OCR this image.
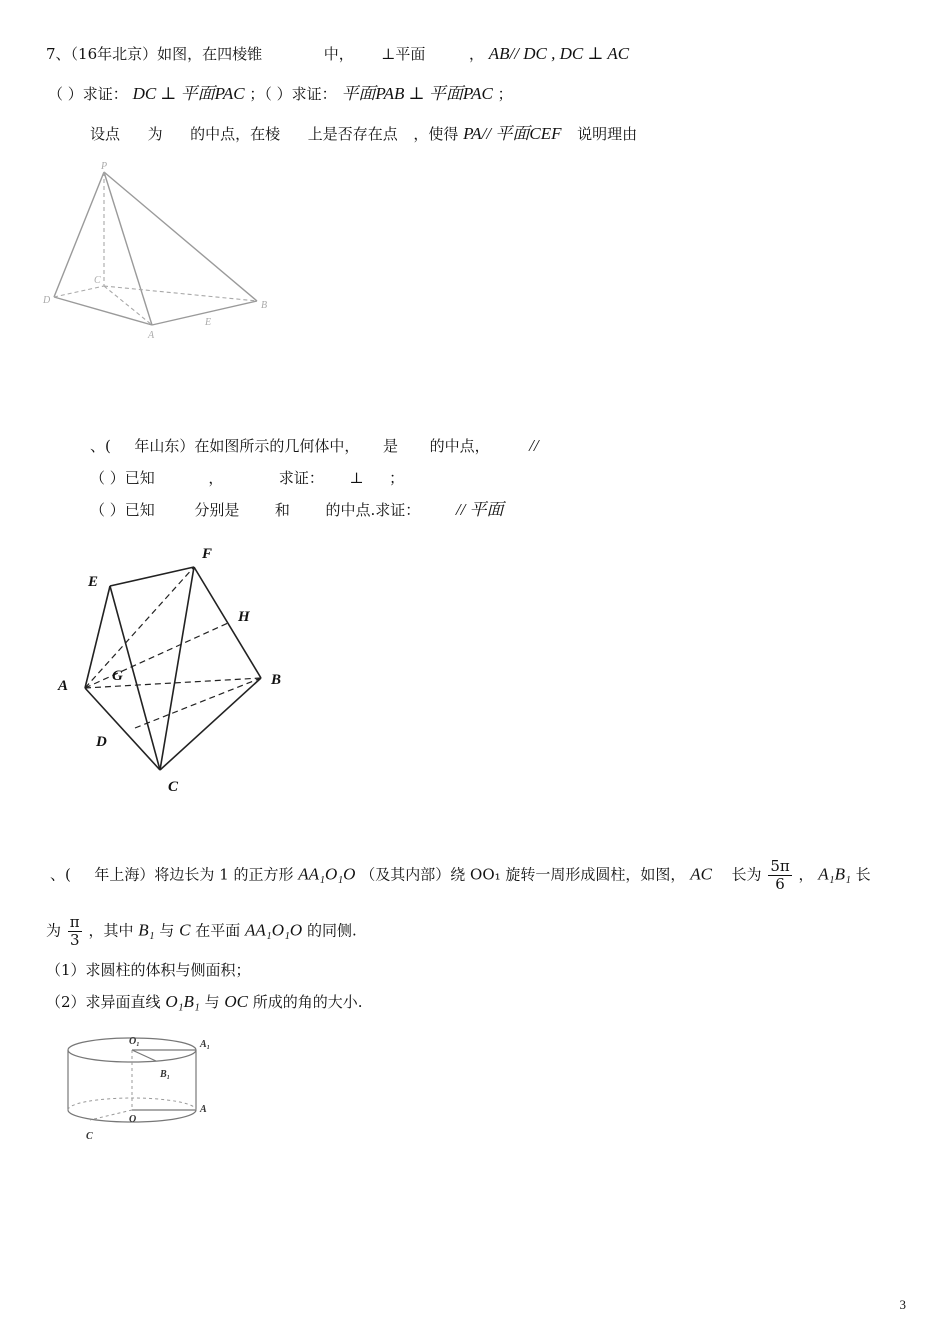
7、（16年北京）如图，在四棱锥	中， ⊥平面	， AB// DC , DC ⊥ AC
（ ）求证： DC ⊥ 平面PAC ；（ ）求证： 平面PAB ⊥ 平面PAC ；
设点 为 的中点，在棱 上是否存在点 ，使得 PA// 平面CEF 说明理由
P
C
D
A
E
B
、( 年山东）在如图所示的几何体中， 是 的中点， //
（ ）已知	，	求证： ⊥ ；
（ ）已知	分别是 和 的中点.求证： // 平面
F
E
H
A
G	B
D
C
、( 年上海）将边长为 1 的正方形 AA₁O₁O （及其内部）绕 OO₁ 旋转一周形成圆柱，如图， AC 长为 $\frac{5\pi}{6}$ ， A₁B₁ 长
为 $\frac{\pi}{3}$ ，其中 B₁ 与 C 在平面 AA₁O₁O 的同侧.
（1）求圆柱的体积与侧面积；
（2）求异面直线 O₁B₁ 与 OC 所成的角的大小.
O₁	A₁
B₁
O
A
C
3
